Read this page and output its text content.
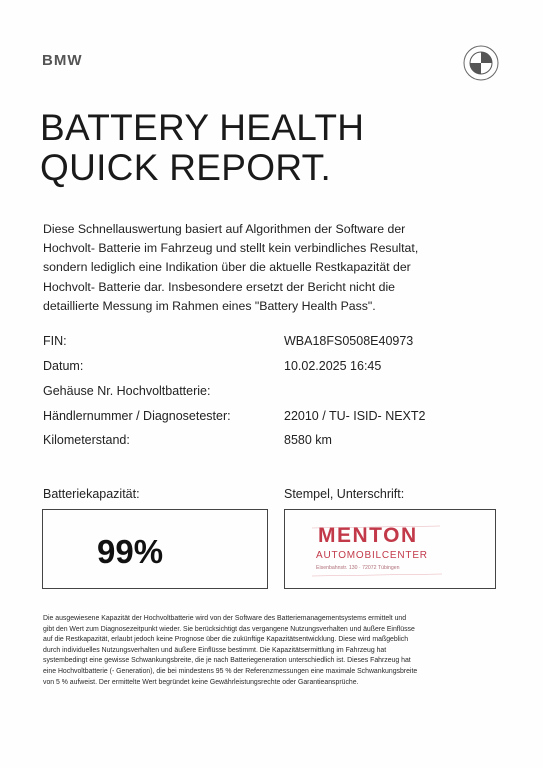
BMW
BATTERY HEALTH
QUICK REPORT.
Diese Schnellauswertung basiert auf Algorithmen der Software der
Hochvolt- Batterie im Fahrzeug und stellt kein verbindliches Resultat,
sondern lediglich eine Indikation über die aktuelle Restkapazität der
Hochvolt- Batterie dar. Insbesondere ersetzt der Bericht nicht die
detaillierte Messung im Rahmen eines "Battery Health Pass".
FIN:	WBA18FS0508E40973
Datum:	10.02.2025 16:45
Gehäuse Nr. Hochvoltbatterie:
Händlernummer / Diagnosetester:	22010 / TU- ISID- NEXT2
Kilometerstand:	8580 km
Batteriekapazität:	Stempel, Unterschrift:
99%	MENTON
AUTOMOBILCENTER
Eisenbahnstr. 130 · 72072 Tübingen
Die ausgewiesene Kapazität der Hochvoltbatterie wird von der Software des Batteriemanagementsystems ermittelt und
gibt den Wert zum Diagnosezeitpunkt wieder. Sie berücksichtigt das vergangene Nutzungsverhalten und äußere Einflüsse
auf die Restkapazität, erlaubt jedoch keine Prognose über die zukünftige Kapazitätsentwicklung. Diese wird maßgeblich
durch individuelles Nutzungsverhalten und äußere Einflüsse bestimmt. Die Kapazitätsermittlung im Fahrzeug hat
systembedingt eine gewisse Schwankungsbreite, die je nach Batteriegeneration unterschiedlich ist. Dieses Fahrzeug hat
eine Hochvoltbatterie (- Generation), die bei mindestens 95 % der Referenzmessungen eine maximale Schwankungsbreite
von 5 % aufweist. Der ermittelte Wert begründet keine Gewährleistungsrechte oder Garantieansprüche.
